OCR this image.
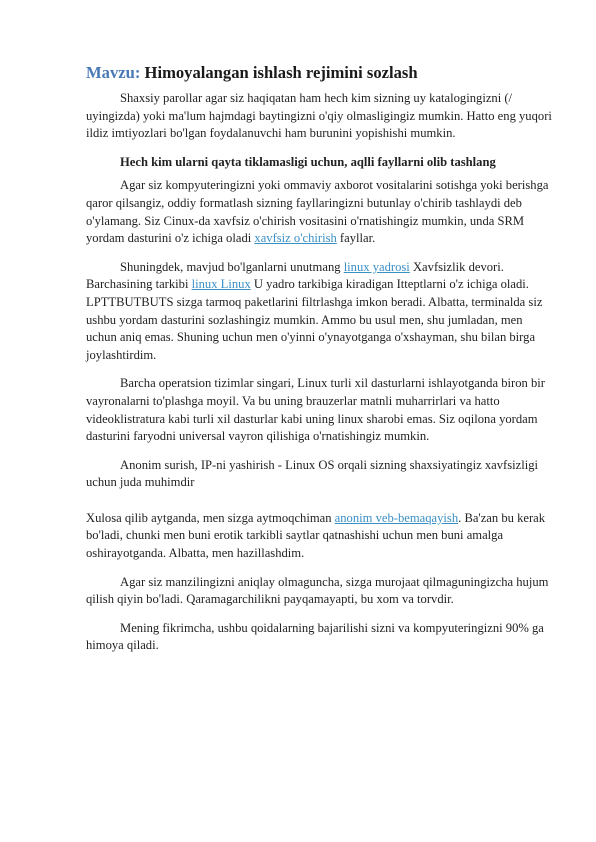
Mavzu: Himoyalangan ishlash rejimini sozlash

Shaxsiy parollar agar siz haqiqatan ham hech kim sizning uy katalogingizni (/ uyingizda) yoki ma'lum hajmdagi baytingizni o'qiy olmasligingiz mumkin. Hatto eng yuqori ildiz imtiyozlari bo'lgan foydalanuvchi ham burunini yopishishi mumkin.

Hech kim ularni qayta tiklamasligi uchun, aqlli fayllarni olib tashlang

Agar siz kompyuteringizni yoki ommaviy axborot vositalarini sotishga yoki berishga qaror qilsangiz, oddiy formatlash sizning fayllaringizni butunlay o'chirib tashlaydi deb o'ylamang. Siz Cinux-da xavfsiz o'chirish vositasini o'rnatishingiz mumkin, unda SRM yordam dasturini o'z ichiga oladi xavfsiz o'chirish fayllar.

Shuningdek, mavjud bo'lganlarni unutmang linux yadrosi Xavfsizlik devori. Barchasining tarkibi linux Linux U yadro tarkibiga kiradigan Itteptlarni o'z ichiga oladi. LPTTBUTBUTS sizga tarmoq paketlarini filtrlashga imkon beradi. Albatta, terminalda siz ushbu yordam dasturini sozlashingiz mumkin. Ammo bu usul men, shu jumladan, men uchun aniq emas. Shuning uchun men o'yinni o'ynayotganga o'xshayman, shu bilan birga joylashtirdim.

Barcha operatsion tizimlar singari, Linux turli xil dasturlarni ishlayotganda biron bir vayronalarni to'plashga moyil. Va bu uning brauzerlar matnli muharrirlari va hatto videoklistratura kabi turli xil dasturlar kabi uning linux sharobi emas. Siz oqilona yordam dasturini faryodni universal vayron qilishiga o'rnatishingiz mumkin.

Anonim surish, IP-ni yashirish - Linux OS orqali sizning shaxsiyatingiz xavfsizligi uchun juda muhimdir

Xulosa qilib aytganda, men sizga aytmoqchiman anonim veb-bemaqayish. Ba'zan bu kerak bo'ladi, chunki men buni erotik tarkibli saytlar qatnashishi uchun men buni amalga oshirayotganda. Albatta, men hazillashdim.

Agar siz manzilingizni aniqlay olmaguncha, sizga murojaat qilmaguningizcha hujum qilish qiyin bo'ladi. Qaramagarchilikni payqamayapti, bu xom va torvdir.

Mening fikrimcha, ushbu qoidalarning bajarilishi sizni va kompyuteringizni 90% ga himoya qiladi.
